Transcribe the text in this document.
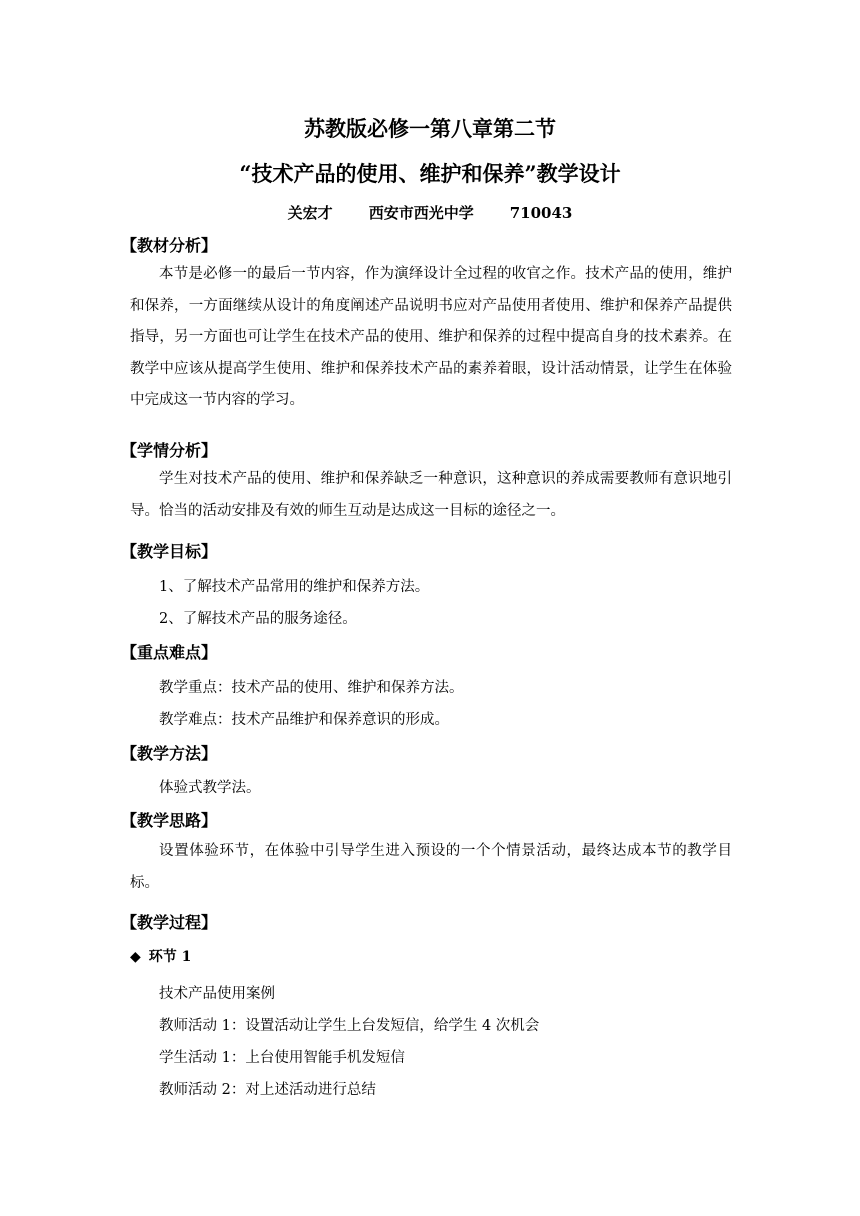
苏教版必修一第八章第二节
“技术产品的使用、维护和保养”教学设计
关宏才 西安市西光中学 710043
【教材分析】
本节是必修一的最后一节内容，作为演绎设计全过程的收官之作。技术产品的使用，维护和保养，一方面继续从设计的角度阐述产品说明书应对产品使用者使用、维护和保养产品提供指导，另一方面也可让学生在技术产品的使用、维护和保养的过程中提高自身的技术素养。在教学中应该从提高学生使用、维护和保养技术产品的素养着眼，设计活动情景，让学生在体验中完成这一节内容的学习。
【学情分析】
学生对技术产品的使用、维护和保养缺乏一种意识，这种意识的养成需要教师有意识地引导。恰当的活动安排及有效的师生互动是达成这一目标的途径之一。
【教学目标】
1、了解技术产品常用的维护和保养方法。
2、了解技术产品的服务途径。
【重点难点】
教学重点：技术产品的使用、维护和保养方法。
教学难点：技术产品维护和保养意识的形成。
【教学方法】
体验式教学法。
【教学思路】
设置体验环节，在体验中引导学生进入预设的一个个情景活动，最终达成本节的教学目标。
【教学过程】
◆ 环节 1
技术产品使用案例
教师活动 1：设置活动让学生上台发短信，给学生 4 次机会
学生活动 1：上台使用智能手机发短信
教师活动 2：对上述活动进行总结
